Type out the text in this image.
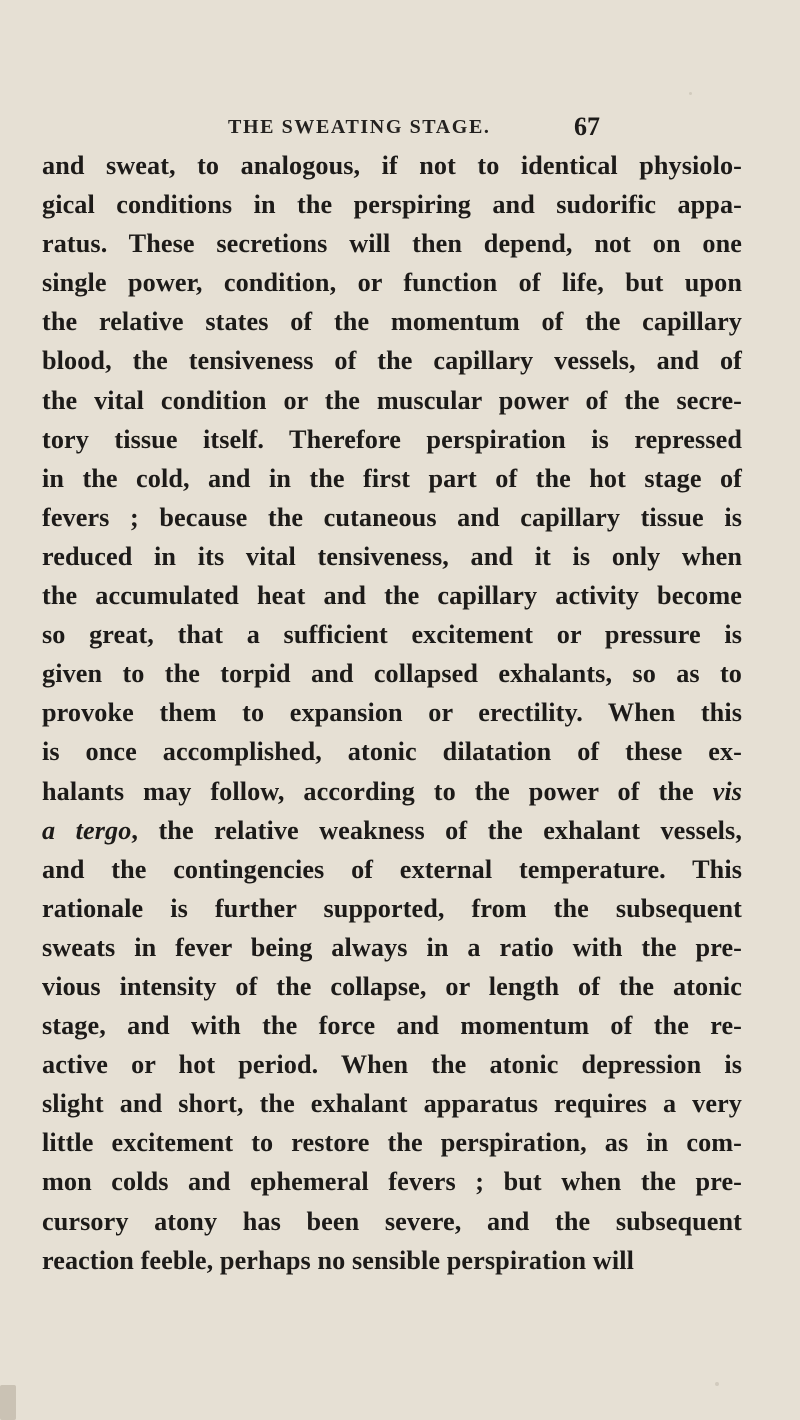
THE SWEATING STAGE.	67
and sweat, to analogous, if not to identical physiolo-
gical conditions in the perspiring and sudorific appa-
ratus. These secretions will then depend, not on one
single power, condition, or function of life, but upon
the relative states of the momentum of the capillary
blood, the tensiveness of the capillary vessels, and of
the vital condition or the muscular power of the secre-
tory tissue itself. Therefore perspiration is repressed
in the cold, and in the first part of the hot stage of
fevers ; because the cutaneous and capillary tissue is
reduced in its vital tensiveness, and it is only when
the accumulated heat and the capillary activity become
so great, that a sufficient excitement or pressure is
given to the torpid and collapsed exhalants, so as to
provoke them to expansion or erectility. When this
is once accomplished, atonic dilatation of these ex-
halants may follow, according to the power of the vis
a tergo, the relative weakness of the exhalant vessels,
and the contingencies of external temperature. This
rationale is further supported, from the subsequent
sweats in fever being always in a ratio with the pre-
vious intensity of the collapse, or length of the atonic
stage, and with the force and momentum of the re-
active or hot period. When the atonic depression is
slight and short, the exhalant apparatus requires a very
little excitement to restore the perspiration, as in com-
mon colds and ephemeral fevers ; but when the pre-
cursory atony has been severe, and the subsequent
reaction feeble, perhaps no sensible perspiration will
